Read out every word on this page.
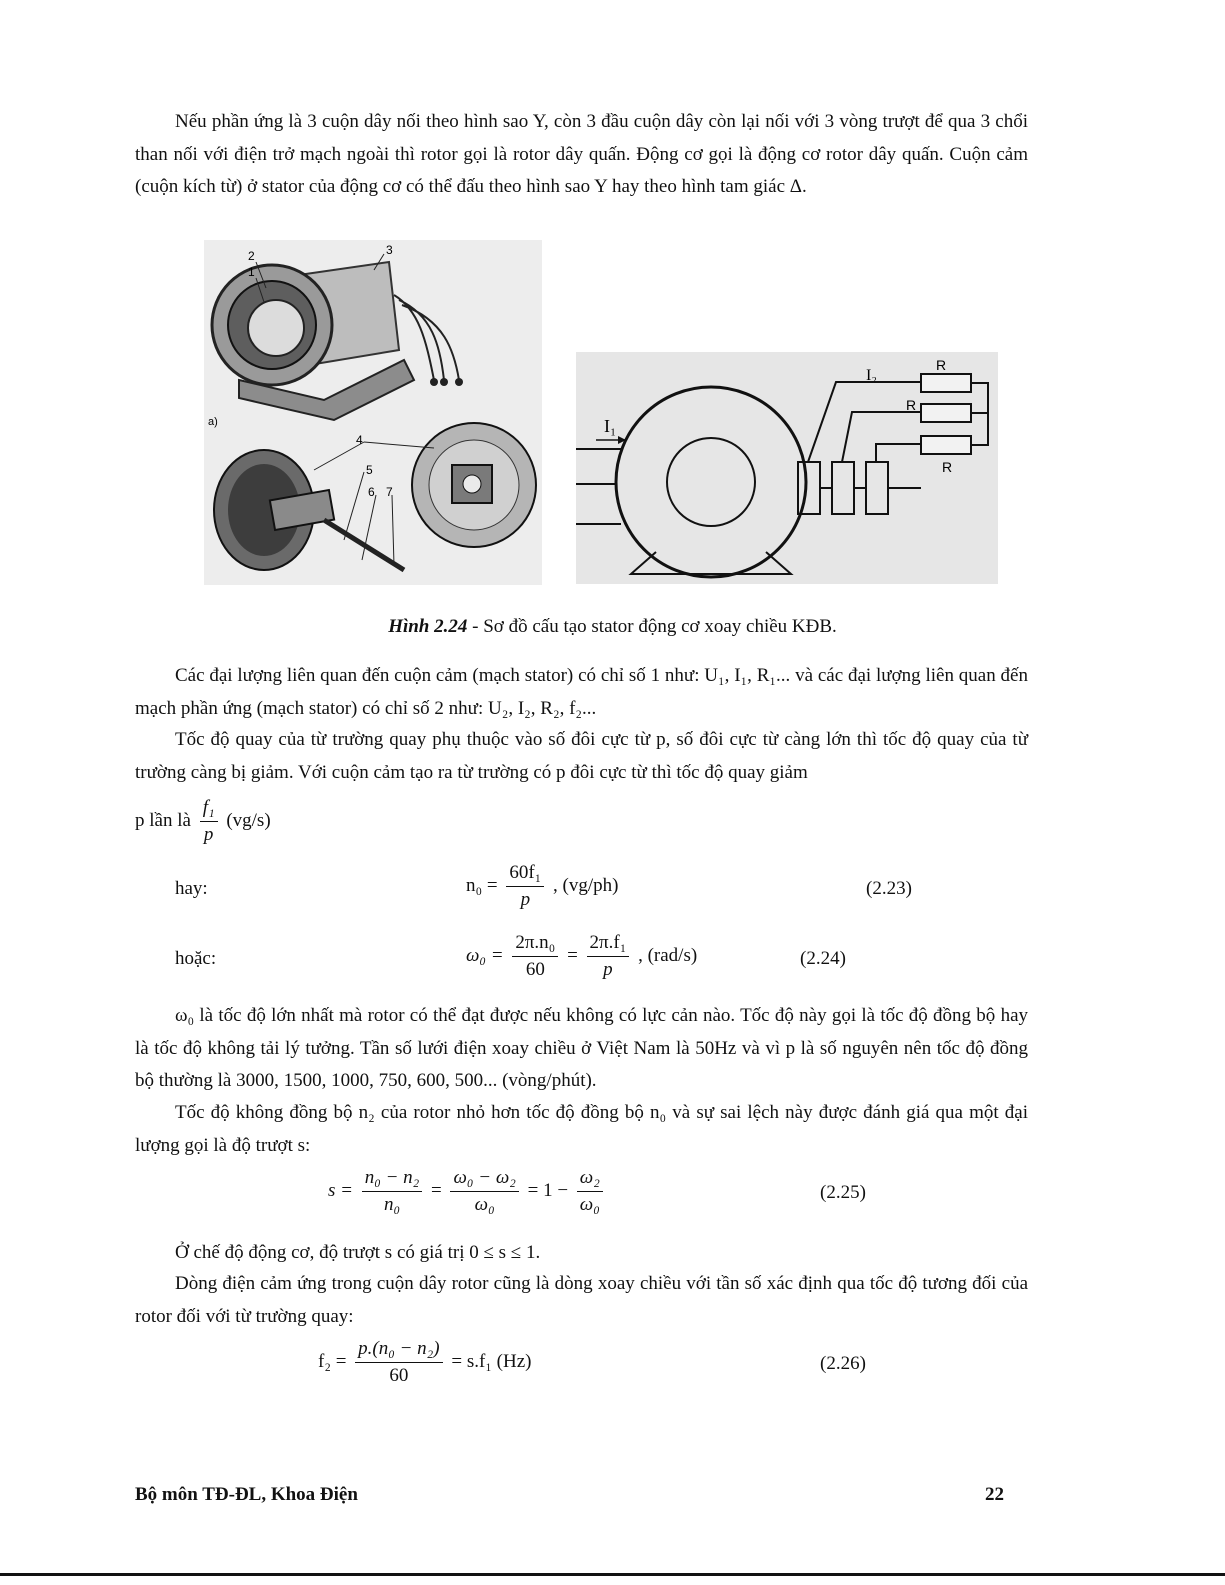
Nếu phần ứng là 3 cuộn dây nối theo hình sao Y, còn 3 đầu cuộn dây còn lại nối với 3 vòng trượt để qua 3 chổi than nối với điện trở mạch ngoài thì rotor gọi là rotor dây quấn. Động cơ gọi là động cơ rotor dây quấn. Cuộn cảm (cuộn kích từ) ở stator của động cơ có thể đấu theo hình sao Y hay theo hình tam giác Δ.

2
1
3
a)
4
5
6 7
I₁
I₂
R
R
R
Hình 2.24 - Sơ đồ cấu tạo stator động cơ xoay chiều KĐB.

Các đại lượng liên quan đến cuộn cảm (mạch stator) có chỉ số 1 như: U₁, I₁, R₁... và các đại lượng liên quan đến mạch phần ứng (mạch stator) có chỉ số 2 như: U₂, I₂, R₂, f₂...

Tốc độ quay của từ trường quay phụ thuộc vào số đôi cực từ p, số đôi cực từ càng lớn thì tốc độ quay của từ trường càng bị giảm. Với cuộn cảm tạo ra từ trường có p đôi cực từ thì tốc độ quay giảm

p lần là $\frac{\text{f₁}}{p} (vg/s)$
hay:	$n_0 = \frac{\text{60f₁}}{p}$ , (vg/ph)	(2.23)
hoặc:	$\omega_0 = \frac{\text{2π.n₀}}{60} = \frac{\text{2π.f₁}}{p}$ , (rad/s)	(2.24)

ω₀ là tốc độ lớn nhất mà rotor có thể đạt được nếu không có lực cản nào. Tốc độ này gọi là tốc độ đồng bộ hay là tốc độ không tải lý tưởng. Tần số lưới điện xoay chiều ở Việt Nam là 50Hz và vì p là số nguyên nên tốc độ đồng bộ thường là 3000, 1500, 1000, 750, 600, 500... (vòng/phút).

Tốc độ không đồng bộ n₂ của rotor nhỏ hơn tốc độ đồng bộ n₀ và sự sai lệch này được đánh giá qua một đại lượng gọi là độ trượt s:

$s = \frac{\text{n₀ − n₂}}{\text{n₀}} = \frac{\text{ω₀ − ω₂}}{\text{ω₀}} = 1 - \frac{\text{ω₂}}{\text{ω₀}}$	(2.25)

Ở chế độ động cơ, độ trượt s có giá trị 0 ≤ s ≤ 1.

Dòng điện cảm ứng trong cuộn dây rotor cũng là dòng xoay chiều với tần số xác định qua tốc độ tương đối của rotor đối với từ trường quay:

$f_2 = \frac{\text{p.(n₀ − n₂)}}{60} = s.f_1$ (Hz)	(2.26)
Bộ môn TĐ-ĐL, Khoa Điện	22
